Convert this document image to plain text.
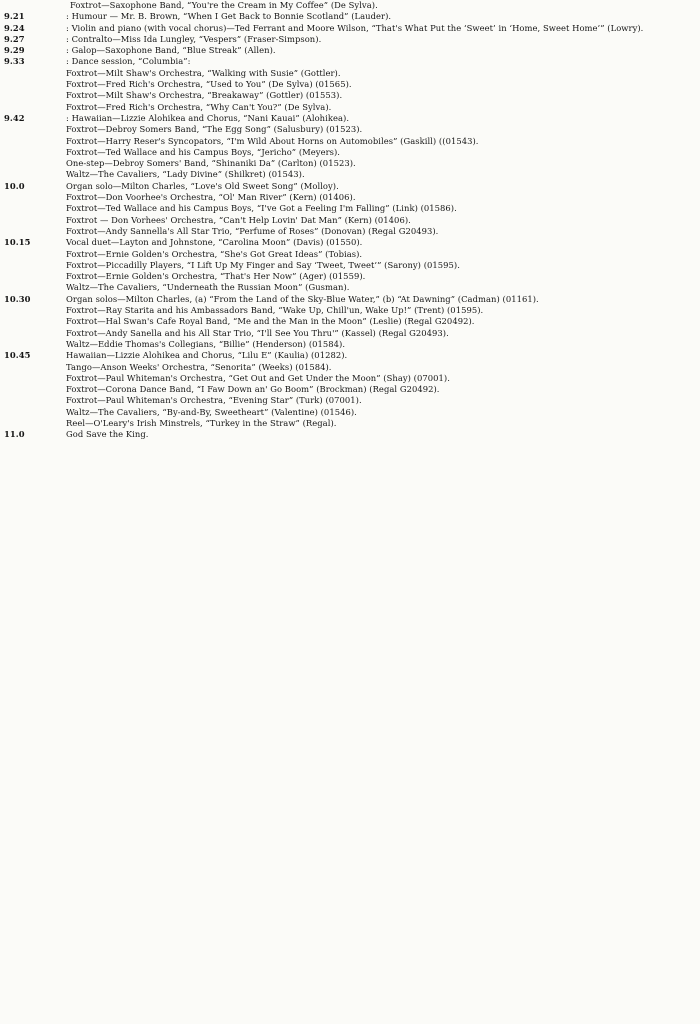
Foxtrot—Saxophone Band, “You're the Cream in My Coffee” (De Sylva).
9.21	: Humour — Mr. B. Brown, “When I Get Back to Bonnie Scotland” (Lauder).
9.24	: Violin and piano (with vocal chorus)—Ted Ferrant and Moore Wilson, “That's What Put the ‘Sweet’ in ‘Home, Sweet Home’” (Lowry).
9.27	: Contralto—Miss Ida Lungley, “Vespers” (Fraser-Simpson).
9.29	: Galop—Saxophone Band, “Blue Streak” (Allen).
9.33	: Dance session, “Columbia”:
Foxtrot—Milt Shaw's Orchestra, “Walking with Susie” (Gottler).
Foxtrot—Fred Rich's Orchestra, “Used to You” (De Sylva) (01565).
Foxtrot—Milt Shaw's Orchestra, “Breakaway” (Gottler) (01553).
Foxtrot—Fred Rich's Orchestra, “Why Can't You?” (De Sylva).
9.42	: Hawaiian—Lizzie Alohikea and Chorus, “Nani Kauai” (Alohikea).
Foxtrot—Debroy Somers Band, “The Egg Song” (Salusbury) (01523).
Foxtrot—Harry Reser's Syncopators, “I'm Wild About Horns on Automobiles” (Gaskill) ((01543).
Foxtrot—Ted Wallace and his Campus Boys, “Jericho” (Meyers).
One-step—Debroy Somers' Band, “Shinaniki Da” (Carlton) (01523).
Waltz—The Cavaliers, “Lady Divine” (Shilkret) (01543).
10.0	Organ solo—Milton Charles, “Love's Old Sweet Song” (Molloy).
Foxtrot—Don Voorhee's Orchestra, “Ol' Man River” (Kern) (01406).
Foxtrot—Ted Wallace and his Campus Boys, “I've Got a Feeling I'm Falling” (Link) (01586).
Foxtrot — Don Vorhees' Orchestra, “Can't Help Lovin' Dat Man” (Kern) (01406).
Foxtrot—Andy Sannella's All Star Trio, “Perfume of Roses” (Donovan) (Regal G20493).
10.15	Vocal duet—Layton and Johnstone, “Carolina Moon” (Davis) (01550).
Foxtrot—Ernie Golden's Orchestra, “She's Got Great Ideas” (Tobias).
Foxtrot—Piccadilly Players, “I Lift Up My Finger and Say ‘Tweet, Tweet’” (Sarony) (01595).
Foxtrot—Ernie Golden's Orchestra, “That's Her Now” (Ager) (01559).
Waltz—The Cavaliers, “Underneath the Russian Moon” (Gusman).
10.30	Organ solos—Milton Charles, (a) “From the Land of the Sky-Blue Water,” (b) “At Dawning” (Cadman) (01161).
Foxtrot—Ray Starita and his Ambassadors Band, “Wake Up, Chill'un, Wake Up!” (Trent) (01595).
Foxtrot—Hal Swan's Cafe Royal Band, “Me and the Man in the Moon” (Leslie) (Regal G20492).
Foxtrot—Andy Sanella and his All Star Trio, “I'll See You Thru'” (Kassel) (Regal G20493).
Waltz—Eddie Thomas's Collegians, “Billie” (Henderson) (01584).
10.45	Hawaiian—Lizzie Alohikea and Chorus, “Lilu E” (Kaulia) (01282).
Tango—Anson Weeks' Orchestra, “Senorita” (Weeks) (01584).
Foxtrot—Paul Whiteman's Orchestra, “Get Out and Get Under the Moon” (Shay) (07001).
Foxtrot—Corona Dance Band, “I Faw Down an' Go Boom” (Brockman) (Regal G20492).
Foxtrot—Paul Whiteman's Orchestra, “Evening Star” (Turk) (07001).
Waltz—The Cavaliers, “By-and-By, Sweetheart” (Valentine) (01546).
Reel—O'Leary's Irish Minstrels, “Turkey in the Straw” (Regal).
11.0	God Save the King.
